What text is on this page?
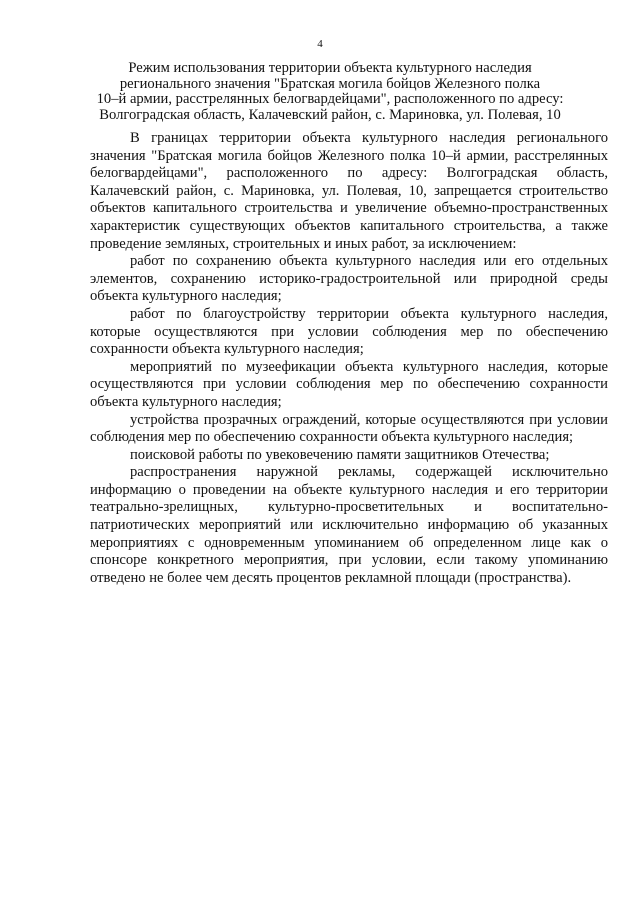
4
Режим использования территории объекта культурного наследия
регионального значения "Братская могила бойцов Железного полка
10–й армии, расстрелянных белогвардейцами", расположенного по адресу:
Волгоградская область, Калачевский район, с. Мариновка, ул. Полевая, 10

В границах территории объекта культурного наследия регионального значения "Братская могила бойцов Железного полка 10–й армии, расстрелянных белогвардейцами", расположенного по адресу: Волгоградская область, Калачевский район, с. Мариновка, ул. Полевая, 10, запрещается строительство объектов капитального строительства и увеличение объемно-пространственных характеристик существующих объектов капитального строительства, а также проведение земляных, строительных и иных работ, за исключением:

работ по сохранению объекта культурного наследия или его отдельных элементов, сохранению историко-градостроительной или природной среды объекта культурного наследия;

работ по благоустройству территории объекта культурного наследия, которые осуществляются при условии соблюдения мер по обеспечению сохранности объекта культурного наследия;

мероприятий по музеефикации объекта культурного наследия, которые осуществляются при условии соблюдения мер по обеспечению сохранности объекта культурного наследия;

устройства прозрачных ограждений, которые осуществляются при условии соблюдения мер по обеспечению сохранности объекта культурного наследия;

поисковой работы по увековечению памяти защитников Отечества;

распространения наружной рекламы, содержащей исключительно информацию о проведении на объекте культурного наследия и его территории театрально-зрелищных, культурно-просветительных и воспитательно-патриотических мероприятий или исключительно информацию об указанных мероприятиях с одновременным упоминанием об определенном лице как о спонсоре конкретного мероприятия, при условии, если такому упоминанию отведено не более чем десять процентов рекламной площади (пространства).
